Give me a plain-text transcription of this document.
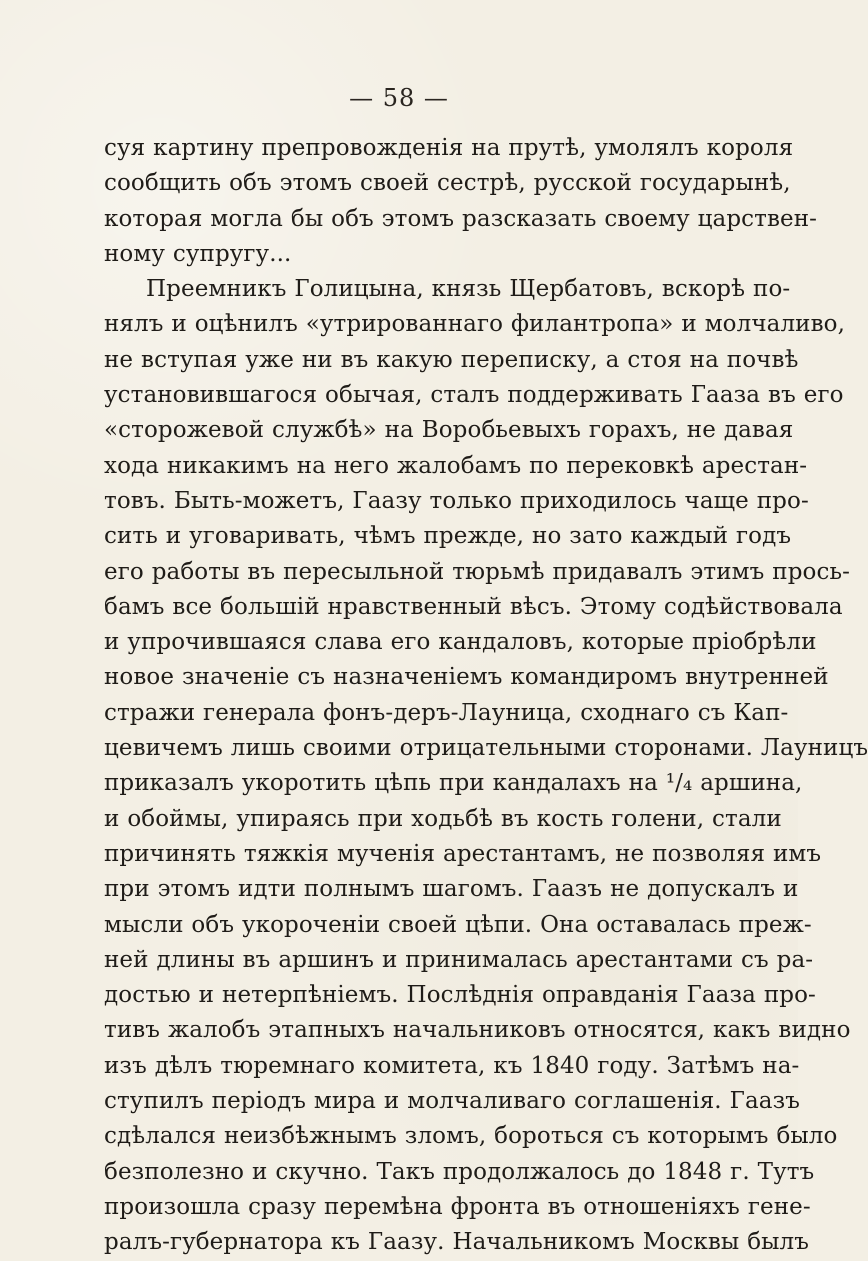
— 58 —
суя картину препровожденія на прутѣ, умолялъ короля
сообщить объ этомъ своей сестрѣ, русской государынѣ,
которая могла бы объ этомъ разсказать своему царствен-
ному супругу...
Преемникъ Голицына, князь Щербатовъ, вскорѣ по-
нялъ и оцѣнилъ «утрированнаго филантропа» и молчаливо,
не вступая уже ни въ какую переписку, а стоя на почвѣ
установившагося обычая, сталъ поддерживать Гааза въ его
«сторожевой службѣ» на Воробьевыхъ горахъ, не давая
хода никакимъ на него жалобамъ по перековкѣ арестан-
товъ. Быть-можетъ, Гаазу только приходилось чаще про-
сить и уговаривать, чѣмъ прежде, но зато каждый годъ
его работы въ пересыльной тюрьмѣ придавалъ этимъ прось-
бамъ все большій нравственный вѣсъ. Этому содѣйствовала
и упрочившаяся слава его кандаловъ, которые пріобрѣли
новое значеніе съ назначеніемъ командиромъ внутренней
стражи генерала фонъ-деръ-Лауница, сходнаго съ Кап-
цевичемъ лишь своими отрицательными сторонами. Лауницъ
приказалъ укоротить цѣпь при кандалахъ на ¹/₄ аршина,
и обоймы, упираясь при ходьбѣ въ кость голени, стали
причинять тяжкія мученія арестантамъ, не позволяя имъ
при этомъ идти полнымъ шагомъ. Гаазъ не допускалъ и
мысли объ укороченіи своей цѣпи. Она оставалась преж-
ней длины въ аршинъ и принималась арестантами съ ра-
достью и нетерпѣніемъ. Послѣднія оправданія Гааза про-
тивъ жалобъ этапныхъ начальниковъ относятся, какъ видно
изъ дѣлъ тюремнаго комитета, къ 1840 году. Затѣмъ на-
ступилъ періодъ мира и молчаливаго соглашенія. Гаазъ
сдѣлался неизбѣжнымъ зломъ, бороться съ которымъ было
безполезно и скучно. Такъ продолжалось до 1848 г. Тутъ
произошла сразу перемѣна фронта въ отношеніяхъ гене-
ралъ-губернатора къ Гаазу. Начальникомъ Москвы былъ
